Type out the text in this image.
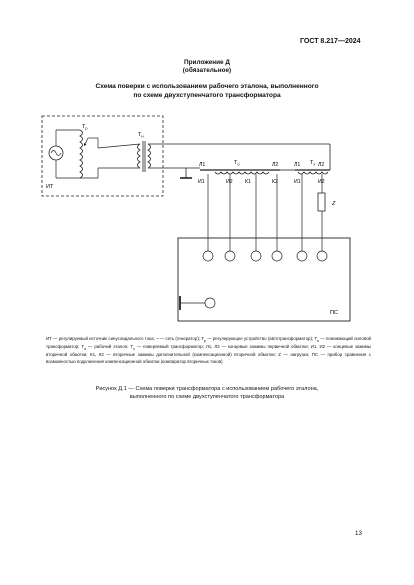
ГОСТ 8.217—2024
Приложение Д
(обязательное)
Схема поверки с использованием рабочего эталона, выполненного
по схеме двухступенчатого трансформатора
$Т_р$
$Т_н$
ИТ
$Т_о$
Л1	Л2
И1	И2 К1	К2
$Т_х$
Л1	Л2
И1	И2
Z
ПС
ИТ — регулируемый источник синусоидального тока; ~ — сеть (генератор); $Т_р$ — регулирующее устройство (автотрансформатор); $Т_н$ — понижающий силовой трансформатор; $Т_о$ — рабочий эталон; $Т_х$ — поверяемый трансформатор; Л1, Л2 — концевые зажимы первичной обмотки; И1, И2 — концевые зажимы вторичной обмотки; К1, К2 — вторичные зажимы дополнительной (компенсационной) вторичной обмотки; Z — нагрузка; ПС — прибор сравнения с возможностью подключения компенсационной обмотки (компаратор вторичных токов)
Рисунок Д.1 — Схема поверки трансформатора с использованием рабочего эталона,
выполненного по схеме двухступенчатого трансформатора
13
